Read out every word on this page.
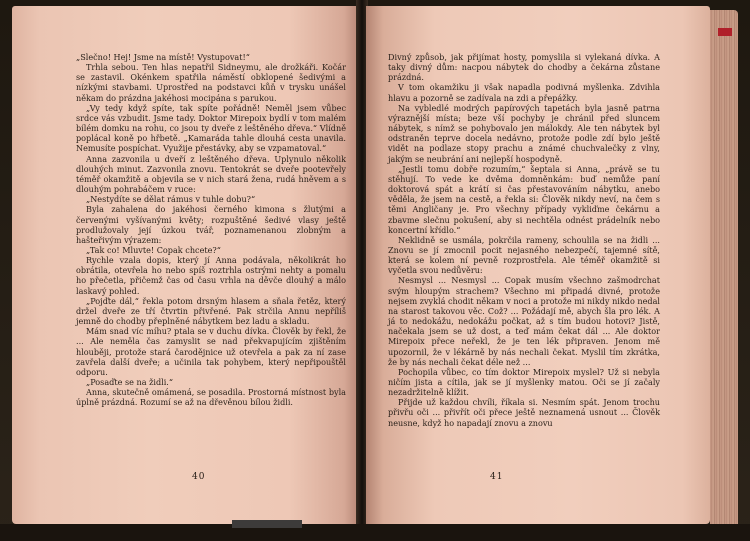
„Slečno! Hej! Jsme na místě! Vystupovat!“

Trhla sebou. Ten hlas nepatřil Sidneymu, ale drožkáři. Kočár se zastavil. Okénkem spatřila náměstí obklopené šedivými a nízkými stavbami. Uprostřed na podstavci kůň v trysku unášel někam do prázdna jakéhosi mocipána s parukou.

„Vy tedy když spíte, tak spíte pořádně! Neměl jsem vůbec srdce vás vzbudit. Jsme tady. Doktor Mirepoix bydlí v tom malém bílém domku na rohu, co jsou ty dveře z leštěného dřeva.“ Vlídně poplácal koně po hřbetě. „Kamaráda tahle dlouhá cesta unavila. Nemusíte pospíchat. Využije přestávky, aby se vzpamatoval.“

Anna zazvonila u dveří z leštěného dřeva. Uplynulo několik dlouhých minut. Zazvonila znovu. Tentokrát se dveře pootevřely téměř okamžitě a objevila se v nich stará žena, rudá hněvem a s dlouhým pohrabáčem v ruce:

„Nestydíte se dělat rámus v tuhle dobu?“

Byla zahalena do jakéhosi černého kimona s žlutými a červenými vyšívanými květy; rozpuštěné šedivé vlasy ještě prodlužovaly její úzkou tvář, poznamenanou zlobným a hašteřivým výrazem:

„Tak co! Mluvte! Copak chcete?“

Rychle vzala dopis, který jí Anna podávala, několikrát ho obrátila, otevřela ho nebo spíš roztrhla ostrými nehty a pomalu ho přečetla, přičemž čas od času vrhla na děvče dlouhý a málo laskavý pohled.

„Pojďte dál,“ řekla potom drsným hlasem a sňala řetěz, který držel dveře ze tří čtvrtin přivřené. Pak strčila Annu nepříliš jemně do chodby přeplněné nábytkem bez ladu a skladu.

Mám snad víc míhu? ptala se v duchu dívka. Člověk by řekl, že ... Ale neměla čas zamyslit se nad překvapujícím zjištěním hlouběji, protože stará čarodějnice už otevřela a pak za ní zase zavřela další dveře; a učinila tak pohybem, který nepřipouštěl odporu.

„Posaďte se na židli.“

Anna, skutečně omámená, se posadila. Prostorná místnost byla úplně prázdná. Rozumí se až na dřevěnou bílou židli.

40

Divný způsob, jak přijímat hosty, pomyslila si vylekaná dívka. A taky divný dům: nacpou nábytek do chodby a čekárna zůstane prázdná.

V tom okamžiku ji však napadla podivná myšlenka. Zdvihla hlavu a pozorně se zadívala na zdi a přepážky.

Na vybledlé modrých papírových tapetách byla jasně patrna výraznější místa; beze vší pochyby je chránil před sluncem nábytek, s nímž se pohybovalo jen málokdy. Ale ten nábytek byl odstraněn teprve docela nedávno, protože podle zdí bylo ještě vidět na podlaze stopy prachu a známé chuchvalečky z vlny, jakým se neubrání ani nejlepší hospodyně.

„Jestli tomu dobře rozumím,“ šeptala si Anna, „právě se tu stěhují. To vede ke dvěma domněnkám: buď nemůže paní doktorová spát a krátí si čas přestavováním nábytku, anebo věděla, že jsem na cestě, a řekla si: Člověk nikdy neví, na čem s těmi Angličany je. Pro všechny případy vykliďme čekárnu a zbavme slečnu pokušení, aby si nechtěla odnést prádelník nebo koncertní křídlo.“

Neklidně se usmála, pokrčila rameny, schoulila se na židli ... Znovu se jí zmocnil pocit nejasného nebezpečí, tajemné sítě, která se kolem ní pevně rozprostřela. Ale téměř okamžitě si vyčetla svou nedůvěru:

Nesmysl ... Nesmysl ... Copak musím všechno zašmodrchat svým hloupým strachem? Všechno mi připadá divné, protože nejsem zvyklá chodit někam v noci a protože mi nikdy nikdo nedal na starost takovou věc. Což? ... Požádají mě, abych šla pro lék. A já to nedokážu, nedokážu počkat, až s tím budou hotovi? Jistě, načekala jsem se už dost, a teď mám čekat dál ... Ale doktor Mirepoix přece neřekl, že je ten lék připraven. Jenom mě upozornil, že v lékárně by nás nechali čekat. Myslil tím zkrátka, že by nás nechali čekat déle než ...

Pochopila vůbec, co tím doktor Mirepoix myslel? Už si nebyla ničím jista a cítila, jak se jí myšlenky matou. Oči se jí začaly nezadržitelně klížit.

Přijde už každou chvíli, říkala si. Nesmím spát. Jenom trochu přivřu oči ... přivřít oči přece ještě neznamená usnout ... Člověk neusne, když ho napadají znovu a znovu

41
